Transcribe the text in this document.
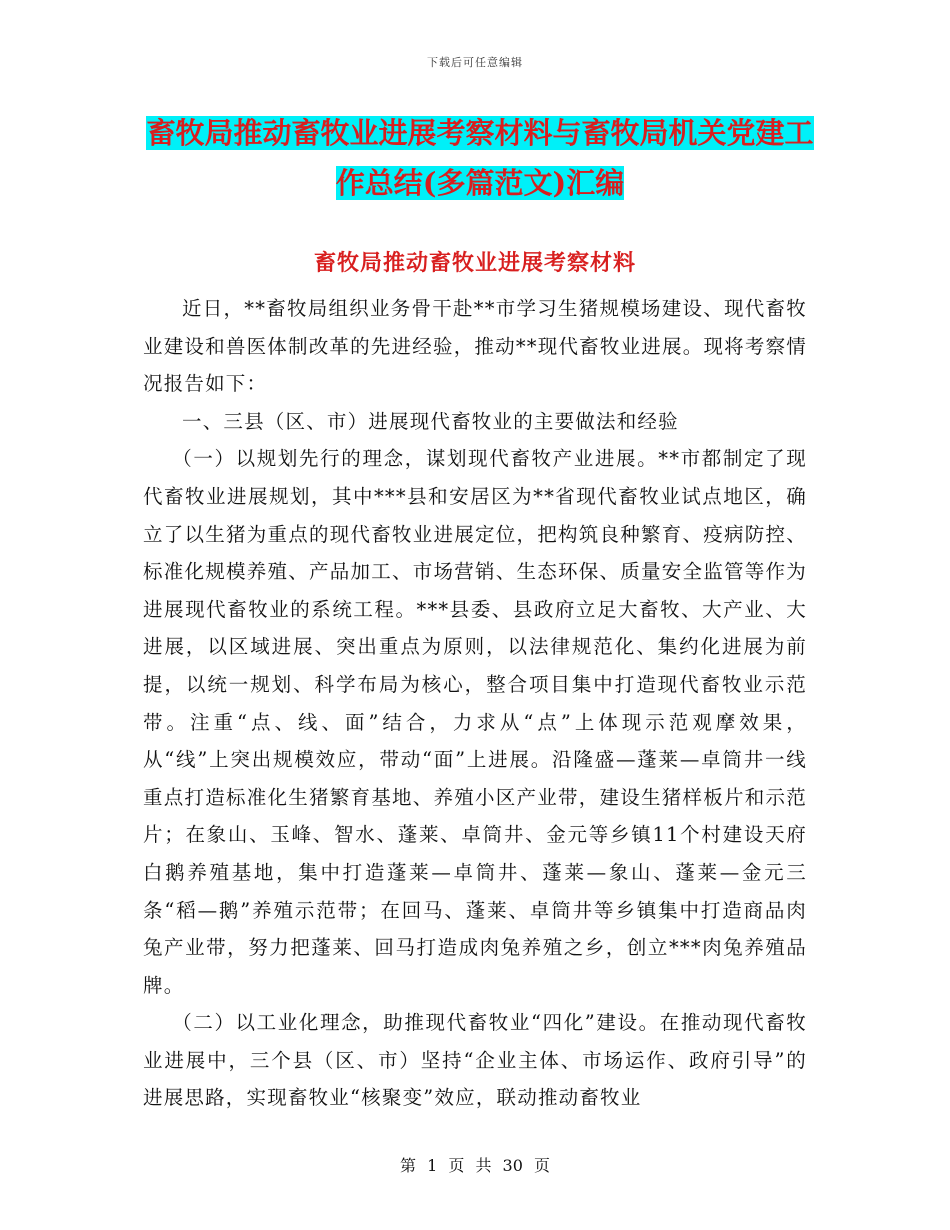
下载后可任意编辑
畜牧局推动畜牧业进展考察材料与畜牧局机关党建工
作总结(多篇范文)汇编
畜牧局推动畜牧业进展考察材料

近日，**畜牧局组织业务骨干赴**市学习生猪规模场建设、现代畜牧业建设和兽医体制改革的先进经验，推动**现代畜牧业进展。现将考察情况报告如下：

一、三县（区、市）进展现代畜牧业的主要做法和经验

（一）以规划先行的理念，谋划现代畜牧产业进展。**市都制定了现代畜牧业进展规划，其中***县和安居区为**省现代畜牧业试点地区，确立了以生猪为重点的现代畜牧业进展定位，把构筑良种繁育、疫病防控、标准化规模养殖、产品加工、市场营销、生态环保、质量安全监管等作为进展现代畜牧业的系统工程。***县委、县政府立足大畜牧、大产业、大进展，以区域进展、突出重点为原则，以法律规范化、集约化进展为前提，以统一规划、科学布局为核心，整合项目集中打造现代畜牧业示范带。注重“点、线、面”结合，力求从“点”上体现示范观摩效果，从“线”上突出规模效应，带动“面”上进展。沿隆盛—蓬莱—卓筒井一线重点打造标准化生猪繁育基地、养殖小区产业带，建设生猪样板片和示范片；在象山、玉峰、智水、蓬莱、卓筒井、金元等乡镇11个村建设天府白鹅养殖基地，集中打造蓬莱—卓筒井、蓬莱—象山、蓬莱—金元三条“稻—鹅”养殖示范带；在回马、蓬莱、卓筒井等乡镇集中打造商品肉兔产业带，努力把蓬莱、回马打造成肉兔养殖之乡，创立***肉兔养殖品牌。

（二）以工业化理念，助推现代畜牧业“四化”建设。在推动现代畜牧业进展中，三个县（区、市）坚持“企业主体、市场运作、政府引导”的进展思路，实现畜牧业“核聚变”效应，联动推动畜牧业

第 1 页 共 30 页
